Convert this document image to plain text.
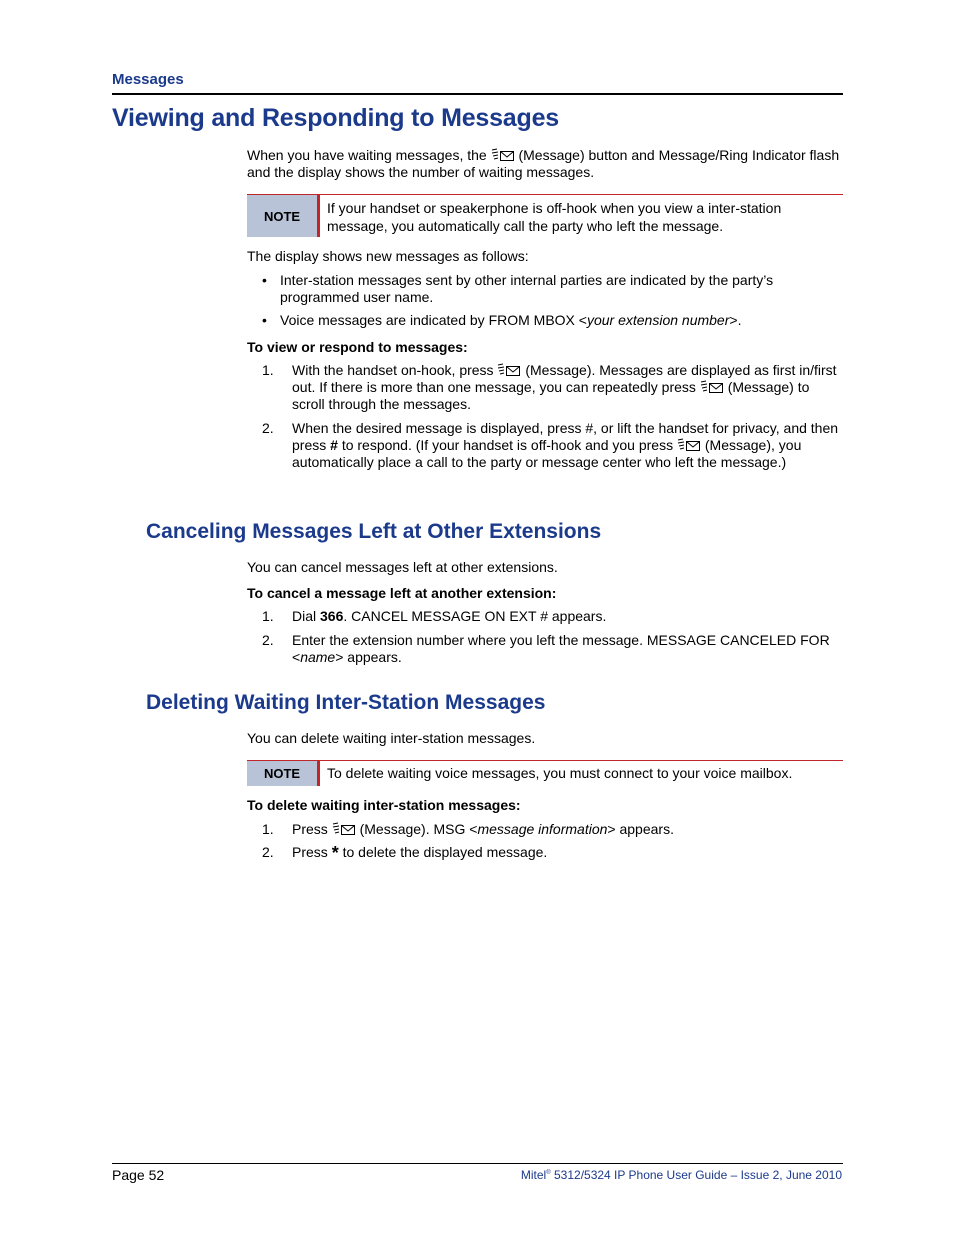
Messages
Viewing and Responding to Messages
When you have waiting messages, the (Message) button and Message/Ring Indicator flash
and the display shows the number of waiting messages.
NOTE	If your handset or speakerphone is off-hook when you view a inter-station
message, you automatically call the party who left the message.
The display shows new messages as follows:
• Inter-station messages sent by other internal parties are indicated by the party’s
programmed user name.
• Voice messages are indicated by FROM MBOX <your extension number>.
To view or respond to messages:
1.	With the handset on-hook, press (Message). Messages are displayed as first in/first
out. If there is more than one message, you can repeatedly press (Message) to
scroll through the messages.
2.	When the desired message is displayed, press #, or lift the handset for privacy, and then
press # to respond. (If your handset is off-hook and you press (Message), you
automatically place a call to the party or message center who left the message.)
Canceling Messages Left at Other Extensions
You can cancel messages left at other extensions.
To cancel a message left at another extension:
1.	Dial 366. CANCEL MESSAGE ON EXT # appears.
2.	Enter the extension number where you left the message. MESSAGE CANCELED FOR
<name> appears.
Deleting Waiting Inter-Station Messages
You can delete waiting inter-station messages.
NOTE	To delete waiting voice messages, you must connect to your voice mailbox.
To delete waiting inter-station messages:
1.	Press (Message). MSG <message information> appears.
2.	Press * to delete the displayed message.
Page 52	Mitel® 5312/5324 IP Phone User Guide – Issue 2, June 2010
